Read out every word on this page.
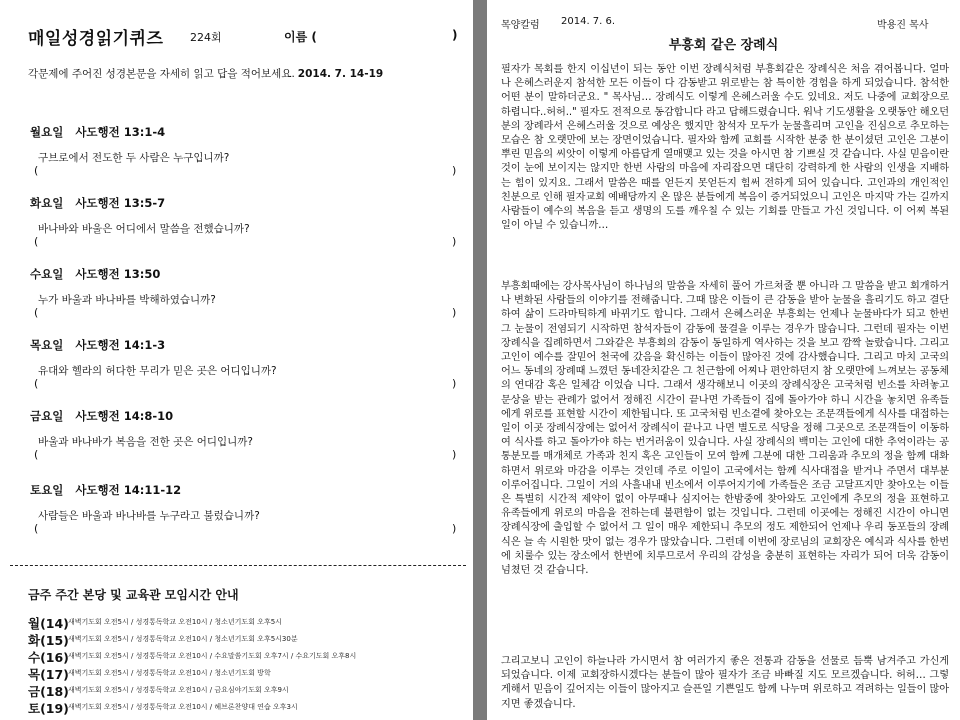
매일성경읽기퀴즈 224회	이름 (	)
각문제에 주어진 성경본문을 자세히 읽고 답을 적어보세요. 2014. 7. 14-19
월요일 사도행전 13:1-4
구브로에서 전도한 두 사람은 누구입니까?
(	)
화요일 사도행전 13:5-7
바나바와 바울은 어디에서 말씀을 전했습니까?
(	)
수요일 사도행전 13:50
누가 바울과 바나바를 박해하였습니까?
(	)
목요일 사도행전 14:1-3
유대와 헬라의 허다한 무리가 믿은 곳은 어디입니까?
(	)
금요일 사도행전 14:8-10
바울과 바나바가 복음을 전한 곳은 어디입니까?
(	)
토요일 사도행전 14:11-12
사람들은 바울과 바나바를 누구라고 불렀습니까?
(	)
금주 주간 본당 및 교육관 모임시간 안내
월(14) 새벽기도회 오전5시 / 성경통독학교 오전10시 / 청소년기도회 오후5시
화(15) 새벽기도회 오전5시 / 성경통독학교 오전10시 / 청소년기도회 오후5시30분
수(16) 새벽기도회 오전5시 / 성경통독학교 오전10시 / 수요말씀기도회 오후7시 / 수요기도회 오후8시
목(17) 새벽기도회 오전5시 / 성경통독학교 오전10시 / 청소년기도회 방학
금(18) 새벽기도회 오전5시 / 성경통독학교 오전10시 / 금요심야기도회 오후9시
토(19) 새벽기도회 오전5시 / 성경통독학교 오전10시 / 헤브론찬양대 연습 오후3시
목양칼럼 2014. 7. 6.	박용진 목사
부흥회 같은 장례식
필자가 목회를 한지 이십년이 되는 동안 이번 장례식처럼 부흥회같은 장례식은 처음 겪어봅니다. 얼마나 은혜스러운지 참석한 모든 이들이 다 감동받고 위로받는 참 특이한 경험을 하게 되었습니다. 참석한 어떤 분이 말하더군요. " 목사님… 장례식도 이렇게 은혜스러울 수도 있네요. 저도 나중에 교회장으로 하렵니다..허허.." 필자도 전적으로 동감합니다 라고 답해드렸습니다. 워낙 기도생활을 오랫동안 해오던 분의 장례라서 은혜스러울 것으로 예상은 했지만 참석자 모두가 눈물흘리며 고인을 진심으로 추모하는 모습은 참 오랫만에 보는 장면이었습니다. 필자와 함께 교회를 시작한 분중 한 분이셨던 고인은 그분이 뿌린 믿음의 씨앗이 이렇게 아름답게 열매맺고 있는 것을 아시면 참 기쁘실 것 같습니다. 사실 믿음이란 것이 눈에 보이지는 않지만 한번 사람의 마음에 자리잡으면 대단히 강력하게 한 사람의 인생을 지배하는 힘이 있지요. 그래서 말씀은 때를 얻든지 못얻든지 힘써 전하게 되어 있습니다. 고인과의 개인적인 친분으로 인해 필자교회 예배당까지 온 많은 분들에게 복음이 증거되었으니 고인은 마지막 가는 길까지 사람들이 예수의 복음을 듣고 생명의 도를 깨우칠 수 있는 기회를 만들고 가신 것입니다. 이 어찌 복된 일이 아닐 수 있습니까…
부흥회때에는 강사목사님이 하나님의 말씀을 자세히 풀어 가르쳐줄 뿐 아니라 그 말씀을 받고 회개하거나 변화된 사람들의 이야기를 전해줍니다. 그때 많은 이들이 큰 감동을 받아 눈물을 흘리기도 하고 결단하여 삶이 드라마틱하게 바뀌기도 합니다. 그래서 은혜스러운 부흥회는 언제나 눈물바다가 되고 한번 그 눈물이 전염되기 시작하면 참석자들이 감동에 물결을 이루는 경우가 많습니다. 그런데 필자는 이번 장례식을 집례하면서 그와같은 부흥회의 감동이 동일하게 역사하는 것을 보고 깜짝 놀랐습니다. 그리고 고인이 예수를 잘믿어 천국에 갔음을 확신하는 이들이 많아진 것에 감사했습니다. 그리고 마치 고국의 어느 동네의 장례때 느꼈던 동네잔치같은 그 친근함에 어찌나 편안하던지 참 오랫만에 느껴보는 공동체의 연대감 혹은 일체감 이었습 니다. 그래서 생각해보니 이곳의 장례식장은 고국처럼 빈소를 차려놓고 문상을 받는 관례가 없어서 정해진 시간이 끝나면 가족들이 집에 돌아가야 하니 시간을 놓치면 유족들에게 위로를 표현할 시간이 제한됩니다. 또 고국처럼 빈소곁에 찾아오는 조문객들에게 식사를 대접하는 일이 이곳 장례식장에는 없어서 장례식이 끝나고 나면 별도로 식당을 정해 그곳으로 조문객들이 이동하여 식사를 하고 돌아가야 하는 번거러움이 있습니다. 사실 장례식의 백미는 고인에 대한 추억이라는 공통분모를 매개체로 가족과 친지 혹은 고인들이 모여 함께 그분에 대한 그리움과 추모의 정을 함께 대화하면서 위로와 마감을 이루는 것인데 주로 이일이 고국에서는 함께 식사대접을 받거나 주면서 대부분 이루어집니다. 그일이 거의 사흘내내 빈소에서 이루어지기에 가족들은 조금 고달프지만 찾아오는 이들은 특별히 시간적 제약이 없이 아무때나 심지어는 한밤중에 찾아와도 고인에게 추모의 정을 표현하고 유족들에게 위로의 마음을 전하는데 불편함이 없는 것입니다. 그런데 이곳에는 정해진 시간이 아니면 장례식장에 출입할 수 없어서 그 일이 매우 제한되니 추모의 정도 제한되어 언제나 우리 동포들의 장례식은 늘 속 시원한 맛이 없는 경우가 많았습니다. 그런데 이번에 장로님의 교회장은 예식과 식사를 한번에 치룰수 있는 장소에서 한번에 치루므로서 우리의 감성을 충분히 표현하는 자리가 되어 더욱 감동이 넘쳤던 것 같습니다.
그리고보니 고인이 하늘나라 가시면서 참 여러가지 좋은 전통과 감동을 선물로 듬뿍 남겨주고 가신게 되었습니다. 이제 교회장하시겠다는 분들이 많아 필자가 조금 바빠질 지도 모르겠습니다. 허허… 그렇게해서 믿음이 깊어지는 이들이 많아지고 슬픈일 기쁜일도 함께 나누며 위로하고 격려하는 일들이 많아지면 좋겠습니다.
